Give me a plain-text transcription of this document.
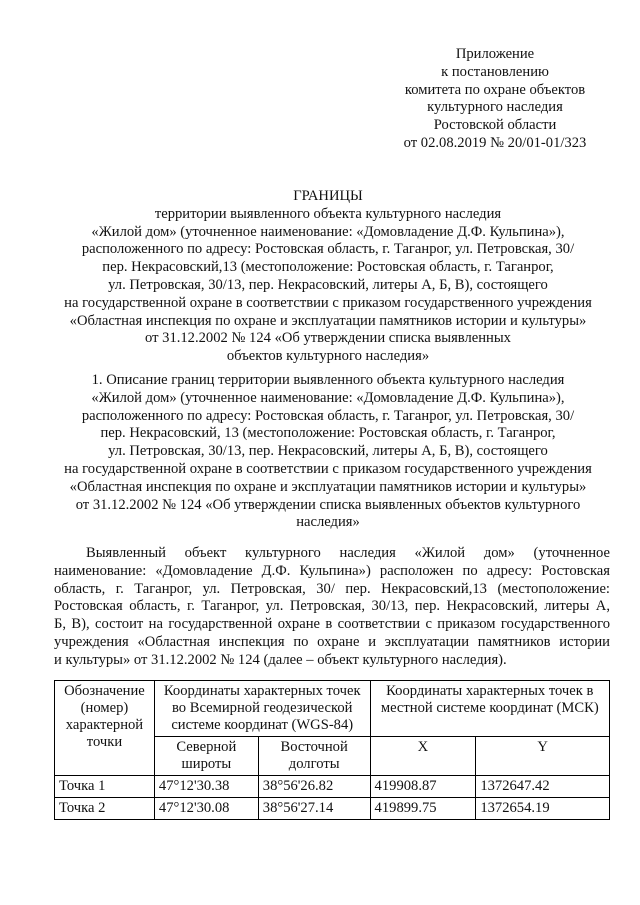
Приложение
к постановлению
комитета по охране объектов
культурного наследия
Ростовской области
от 02.08.2019 № 20/01-01/323
ГРАНИЦЫ
территории выявленного объекта культурного наследия
«Жилой дом» (уточненное наименование: «Домовладение Д.Ф. Кульпина»),
расположенного по адресу: Ростовская область, г. Таганрог, ул. Петровская, 30/
пер. Некрасовский,13 (местоположение: Ростовская область, г. Таганрог,
ул. Петровская, 30/13, пер. Некрасовский, литеры А, Б, В), состоящего
на государственной охране в соответствии с приказом государственного учреждения
«Областная инспекция по охране и эксплуатации памятников истории и культуры»
от 31.12.2002 № 124 «Об утверждении списка выявленных
объектов культурного наследия»
1. Описание границ территории выявленного объекта культурного наследия
«Жилой дом» (уточненное наименование: «Домовладение Д.Ф. Кульпина»),
расположенного по адресу: Ростовская область, г. Таганрог, ул. Петровская, 30/
пер. Некрасовский, 13 (местоположение: Ростовская область, г. Таганрог,
ул. Петровская, 30/13, пер. Некрасовский, литеры А, Б, В), состоящего
на государственной охране в соответствии с приказом государственного учреждения
«Областная инспекция по охране и эксплуатации памятников истории и культуры»
от 31.12.2002 № 124 «Об утверждении списка выявленных объектов культурного
наследия»
Выявленный объект культурного наследия «Жилой дом» (уточненное
наименование: «Домовладение Д.Ф. Кульпина») расположен по адресу: Ростовская
область, г. Таганрог, ул. Петровская, 30/ пер. Некрасовский,13 (местоположение:
Ростовская область, г. Таганрог, ул. Петровская, 30/13, пер. Некрасовский, литеры А,
Б, В), состоит на государственной охране в соответствии с приказом государственного
учреждения «Областная инспекция по охране и эксплуатации памятников истории
и культуры» от 31.12.2002 № 124 (далее – объект культурного наследия).
Обозначение (номер) характерной точки	Координаты характерных точек во Всемирной геодезической системе координат (WGS-84)		Координаты характерных точек в местной системе координат (МСК)	
	Северной широты	Восточной долготы	X	Y
Точка 1	47°12'30.38	38°56'26.82	419908.87	1372647.42
Точка 2	47°12'30.08	38°56'27.14	419899.75	1372654.19
